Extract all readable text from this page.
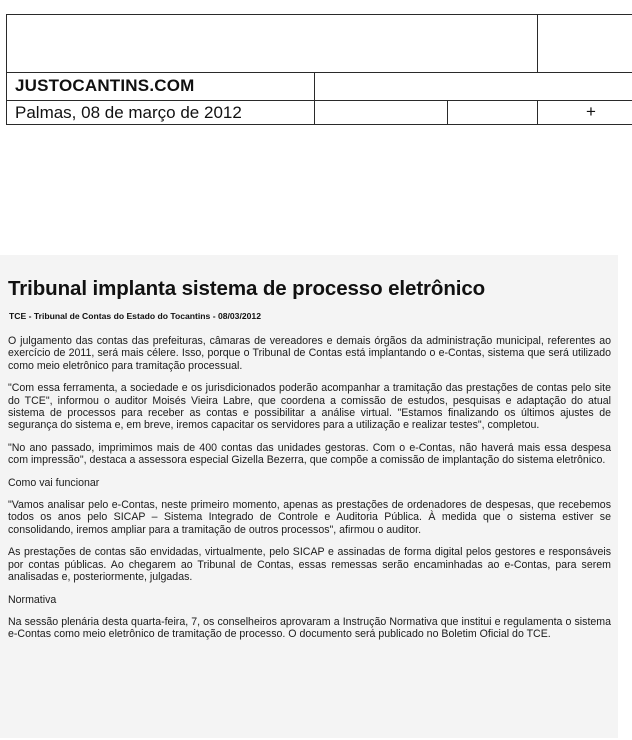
JUSTOCANTINS.COM
Palmas, 08 de março de 2012	+
Tribunal implanta sistema de processo eletrônico
TCE - Tribunal de Contas do Estado do Tocantins - 08/03/2012

O julgamento das contas das prefeituras, câmaras de vereadores e demais órgãos da administração municipal, referentes ao exercício de 2011, será mais célere. Isso, porque o Tribunal de Contas está implantando o e-Contas, sistema que será utilizado como meio eletrônico para tramitação processual.

"Com essa ferramenta, a sociedade e os jurisdicionados poderão acompanhar a tramitação das prestações de contas pelo site do TCE", informou o auditor Moisés Vieira Labre, que coordena a comissão de estudos, pesquisas e adaptação do atual sistema de processos para receber as contas e possibilitar a análise virtual. "Estamos finalizando os últimos ajustes de segurança do sistema e, em breve, iremos capacitar os servidores para a utilização e realizar testes", completou.

"No ano passado, imprimimos mais de 400 contas das unidades gestoras. Com o e-Contas, não haverá mais essa despesa com impressão", destaca a assessora especial Gizella Bezerra, que compõe a comissão de implantação do sistema eletrônico.

Como vai funcionar

"Vamos analisar pelo e-Contas, neste primeiro momento, apenas as prestações de ordenadores de despesas, que recebemos todos os anos pelo SICAP – Sistema Integrado de Controle e Auditoria Pública. À medida que o sistema estiver se consolidando, iremos ampliar para a tramitação de outros processos", afirmou o auditor.

As prestações de contas são envidadas, virtualmente, pelo SICAP e assinadas de forma digital pelos gestores e responsáveis por contas públicas. Ao chegarem ao Tribunal de Contas, essas remessas serão encaminhadas ao e-Contas, para serem analisadas e, posteriormente, julgadas.

Normativa

Na sessão plenária desta quarta-feira, 7, os conselheiros aprovaram a Instrução Normativa que institui e regulamenta o sistema e-Contas como meio eletrônico de tramitação de processo. O documento será publicado no Boletim Oficial do TCE.
